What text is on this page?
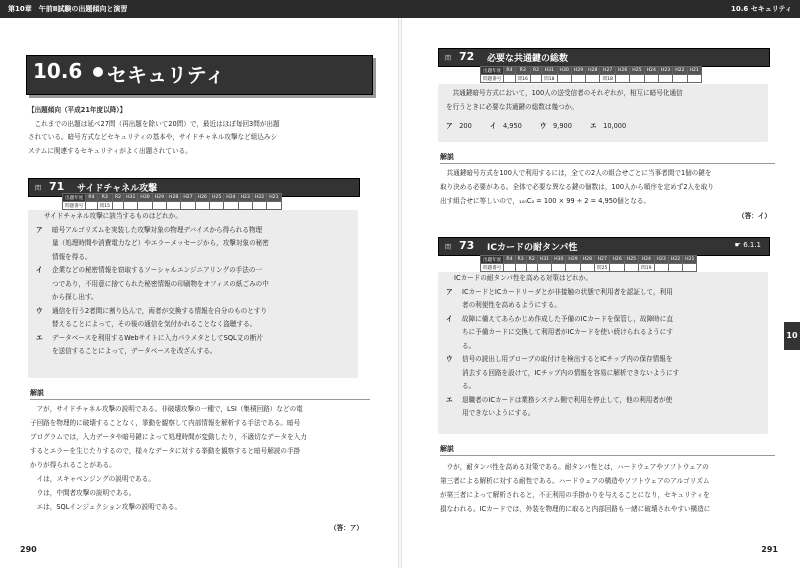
第10章　午前Ⅱ試験の出題傾向と演習
10.6 セキュリティ
【出題傾向（平成21年度以降）】
　これまでの出題は延べ27問（再出題を除いて20問）で，最近はほぼ毎回3問が出題
されている。暗号方式などセキュリティの基本や，サイドチャネル攻撃など組込みシ
ステムに関連するセキュリティがよく出題されている。
問 71 サイドチャネル攻撃
出題年度	R4	R3	R2	H31	H30	H29	H28	H27	H26	H25	H24	H23	H22	H21
問題番号		問15												
サイドチャネル攻撃に該当するものはどれか。
ア	暗号アルゴリズムを実装した攻撃対象の物理デバイスから得られる物理
量（処理時間や消費電力など）やエラーメッセージから，攻撃対象の秘密
情報を得る。
イ	企業などの秘密情報を窃取するソーシャルエンジニアリングの手法の一
つであり，不用意に捨てられた秘密情報の印刷物をオフィスの紙ごみの中
から探し出す。
ウ	通信を行う2者間に割り込んで，両者が交換する情報を自分のものとすり
替えることによって，その後の通信を気付かれることなく盗聴する。
エ	データベースを利用するWebサイトに入力パラメタとしてSQL文の断片
を送信することによって，データベースを改ざんする。
解説
　アが，サイドチャネル攻撃の説明である。非破壊攻撃の一種で，LSI（集積回路）などの電
子回路を物理的に破壊することなく，挙動を観察して内部情報を解析する手法である。暗号
プログラムでは，入力データや暗号鍵によって処理時間が変動したり，不適切なデータを入力
するとエラーを生じたりするので，様々なデータに対する挙動を観察すると暗号解読の手掛
かりが得られることがある。
　イは，スキャベンジングの説明である。
　ウは，中間者攻撃の説明である。
　エは，SQLインジェクション攻撃の説明である。
（答：ア）
290
10.6 セキュリティ
問 72 必要な共通鍵の総数
出題年度	R4	R3	R2	H31	H30	H29	H28	H27	H26	H25	H24	H23	H22	H21
問題番号		問16		問18				問18						
　共通鍵暗号方式において，100人の送受信者のそれぞれが，相互に暗号化通信
を行うときに必要な共通鍵の総数は幾つか。
ア　 200	イ　 4,950	ウ　 9,900	エ　 10,000
解説
　共通鍵暗号方式を100人で利用するには，全ての2人の組合せごとに当事者間で1個の鍵を
取り決める必要がある。全体で必要な異なる鍵の個数は，100人から順序を定めず2人を取り
出す組合せに等しいので，₁₀₀C₂ = 100 × 99 ÷ 2 = 4,950個となる。
（答：イ）
問 73 ICカードの耐タンパ性	☛ 6.1.1
出題年度	R4	R3	R2	H31	H30	H29	H28	H27	H26	H25	H24	H23	H22	H21
問題番号								問25			問19			
ICカードの耐タンパ性を高める対策はどれか。
ア	ICカードとICカードリーダとが非接触の状態で利用者を認証して，利用
者の利便性を高めるようにする。
イ	故障に備えてあらかじめ作成した予備のICカードを保管し，故障時に直
ちに予備カードに交換して利用者がICカードを使い続けられるようにす
る。
ウ	信号の読出し用プローブの取付けを検出するとICチップ内の保存情報を
消去する回路を設けて，ICチップ内の情報を容易に解析できないようにす
る。
エ	退職者のICカードは業務システム側で利用を停止して，他の利用者が使
用できないようにする。
解説
　ウが，耐タンパ性を高める対策である。耐タンパ性とは，ハードウェアやソフトウェアの
第三者による解析に対する耐性である。ハードウェアの構造やソフトウェアのアルゴリズム
が第三者によって解析されると，不正利用の手掛かりを与えることになり，セキュリティを
損なわれる。ICカードでは，外装を物理的に取ると内部回路も一緒に破壊されやすい構造に
10
291
